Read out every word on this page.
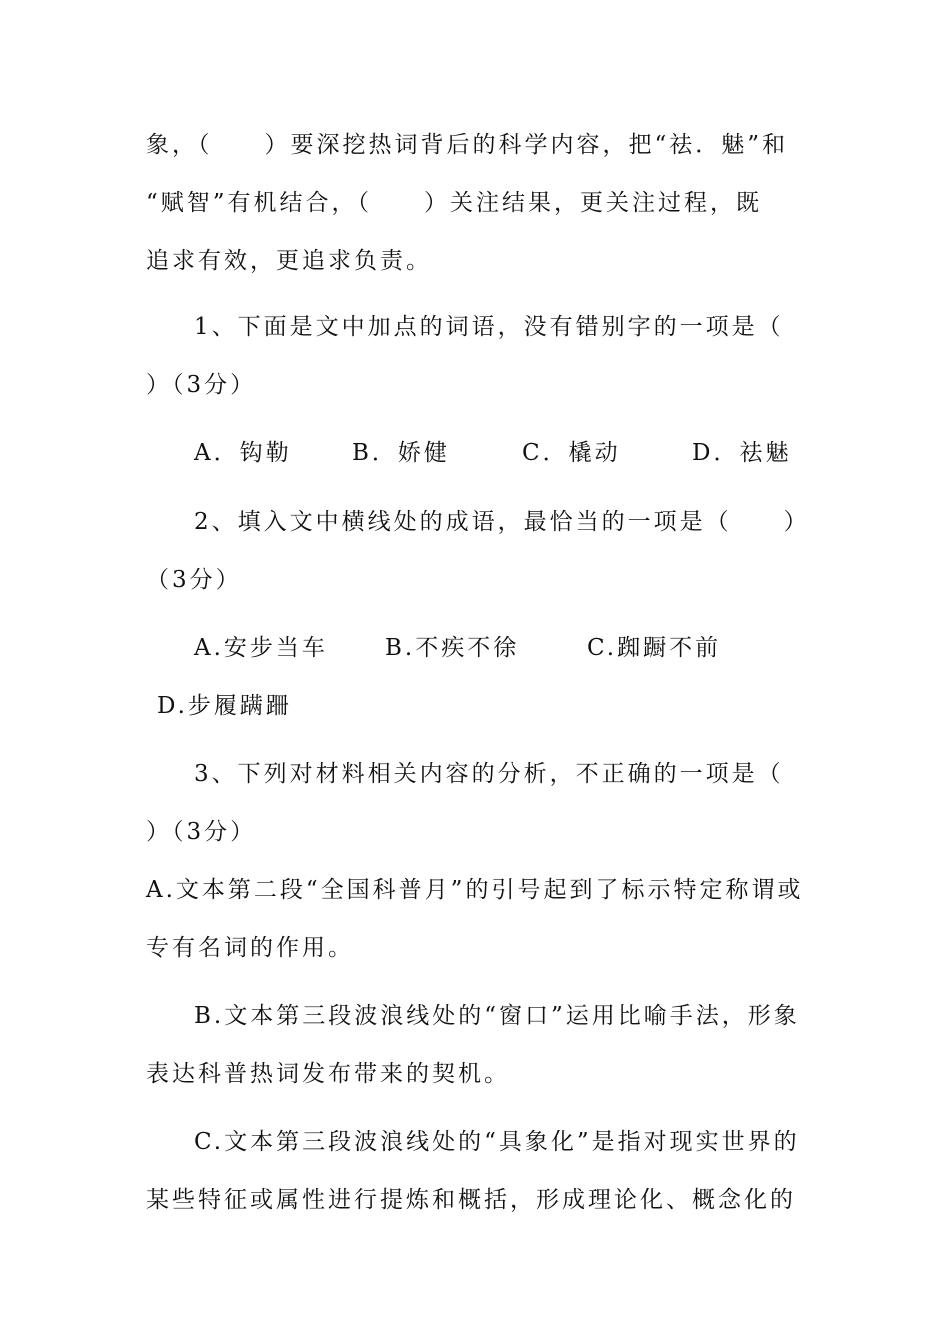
象，（　　）要深挖热词背后的科学内容，把“祛．魅”和
“赋智”有机结合，（　　）关注结果，更关注过程，既
追求有效，更追求负责。
1、下面是文中加点的词语，没有错别字的一项是（
）（3分）
A．钩勒	B．娇健	C．橇动	D．祛魅
2、填入文中横线处的成语，最恰当的一项是（　　）
（3分）
A.安步当车 B.不疾不徐	C.踟蹰不前
D.步履蹒跚
3、下列对材料相关内容的分析，不正确的一项是（
）（3分）
A.文本第二段“全国科普月”的引号起到了标示特定称谓或
专有名词的作用。
B.文本第三段波浪线处的“窗口”运用比喻手法，形象
表达科普热词发布带来的契机。
C.文本第三段波浪线处的“具象化”是指对现实世界的
某些特征或属性进行提炼和概括，形成理论化、概念化的
